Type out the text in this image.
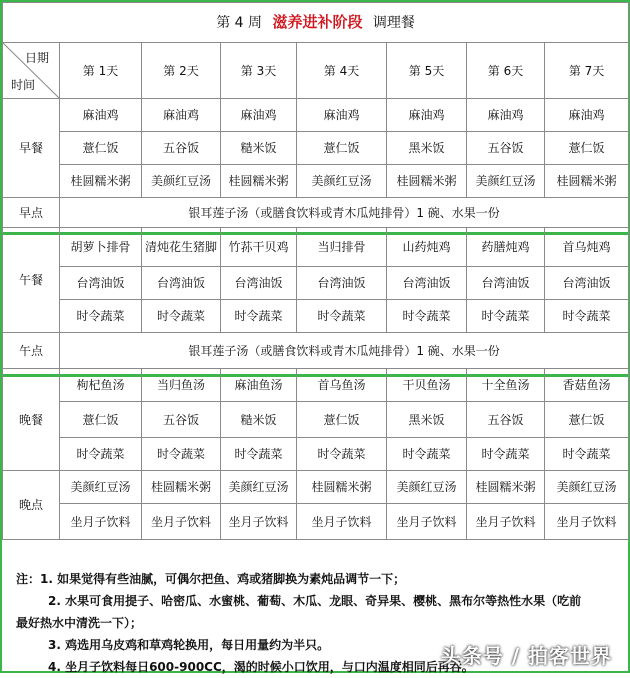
第 4 周 滋养进补阶段 调理餐							

日期
时间	第 1天	第 2天	第 3天	第 4天	第 5天	第 6天	第 7天
早餐	麻油鸡	麻油鸡	麻油鸡	麻油鸡	麻油鸡	麻油鸡	麻油鸡
	薏仁饭	五谷饭	糙米饭	薏仁饭	黑米饭	五谷饭	薏仁饭
	桂圆糯米粥	美颜红豆汤	桂圆糯米粥	美颜红豆汤	桂圆糯米粥	美颜红豆汤	桂圆糯米粥
早点	银耳莲子汤（或膳食饮料或青木瓜炖排骨）1 碗、水果一份						
午餐	胡萝卜排骨	清炖花生猪脚	竹荪干贝鸡	当归排骨	山药炖鸡	药膳炖鸡	首乌炖鸡
	台湾油饭	台湾油饭	台湾油饭	台湾油饭	台湾油饭	台湾油饭	台湾油饭
	时令蔬菜	时令蔬菜	时令蔬菜	时令蔬菜	时令蔬菜	时令蔬菜	时令蔬菜
午点	银耳莲子汤（或膳食饮料或青木瓜炖排骨）1 碗、水果一份						
晚餐	枸杞鱼汤	当归鱼汤	麻油鱼汤	首乌鱼汤	干贝鱼汤	十全鱼汤	香菇鱼汤
	薏仁饭	五谷饭	糙米饭	薏仁饭	黑米饭	五谷饭	薏仁饭
	时令蔬菜	时令蔬菜	时令蔬菜	时令蔬菜	时令蔬菜	时令蔬菜	时令蔬菜
晚点	美颜红豆汤	桂圆糯米粥	美颜红豆汤	桂圆糯米粥	美颜红豆汤	桂圆糯米粥	美颜红豆汤
	坐月子饮料	坐月子饮料	坐月子饮料	坐月子饮料	坐月子饮料	坐月子饮料	坐月子饮料
注：1. 如果觉得有些油腻，可偶尔把鱼、鸡或猪脚换为素炖品调节一下；
2. 水果可食用提子、哈密瓜、水蜜桃、葡萄、木瓜、龙眼、奇异果、樱桃、黑布尔等热性水果（吃前
最好热水中清洗一下）；
3. 鸡选用乌皮鸡和草鸡轮换用，每日用量约为半只。
4. 坐月子饮料每日600-900CC，渴的时候小口饮用，与口内温度相同后再吞。
头条号 / 拍客世界
